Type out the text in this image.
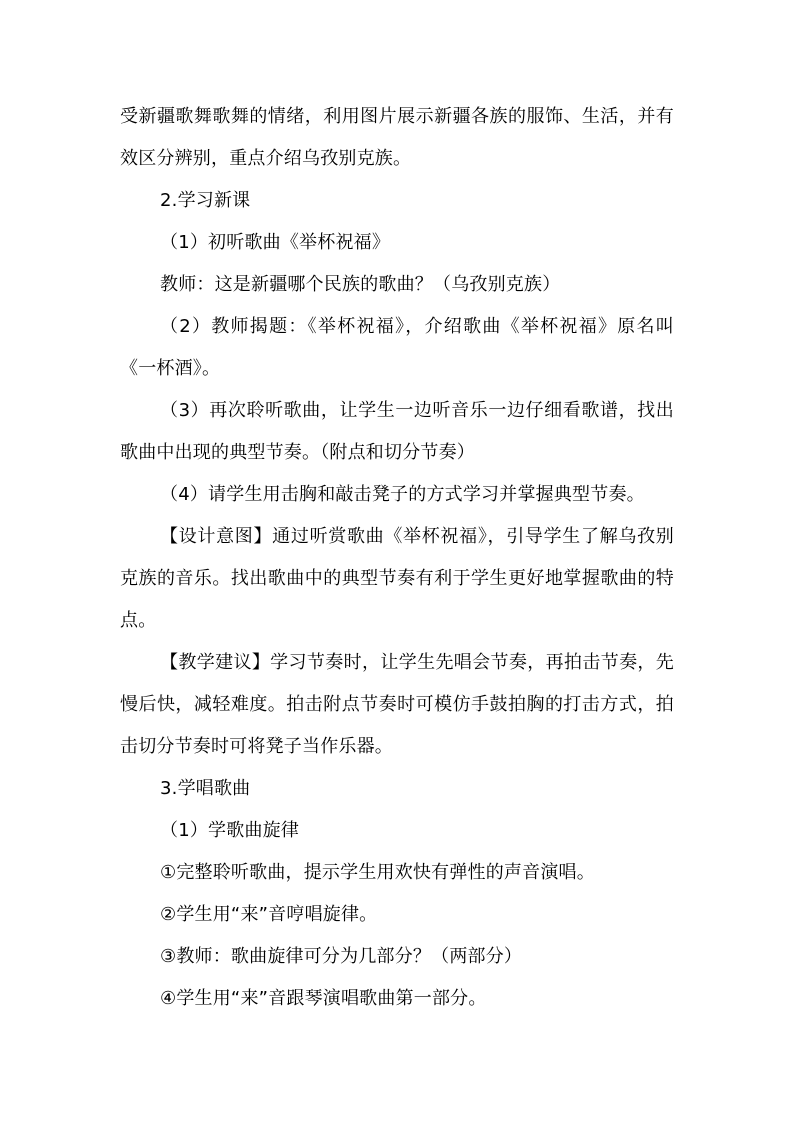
受新疆歌舞歌舞的情绪，利用图片展示新疆各族的服饰、生活，并有效区分辨别，重点介绍乌孜别克族。

2.学习新课

（1）初听歌曲《举杯祝福》

教师：这是新疆哪个民族的歌曲？（乌孜别克族）

（2）教师揭题：《举杯祝福》，介绍歌曲《举杯祝福》原名叫《一杯酒》。

（3）再次聆听歌曲，让学生一边听音乐一边仔细看歌谱，找出歌曲中出现的典型节奏。（附点和切分节奏）

（4）请学生用击胸和敲击凳子的方式学习并掌握典型节奏。

【设计意图】通过听赏歌曲《举杯祝福》，引导学生了解乌孜别克族的音乐。找出歌曲中的典型节奏有利于学生更好地掌握歌曲的特点。

【教学建议】学习节奏时，让学生先唱会节奏，再拍击节奏，先慢后快，减轻难度。拍击附点节奏时可模仿手鼓拍胸的打击方式，拍击切分节奏时可将凳子当作乐器。

3.学唱歌曲

（1）学歌曲旋律

①完整聆听歌曲，提示学生用欢快有弹性的声音演唱。

②学生用“来”音哼唱旋律。

③教师：歌曲旋律可分为几部分？（两部分）

④学生用“来”音跟琴演唱歌曲第一部分。
